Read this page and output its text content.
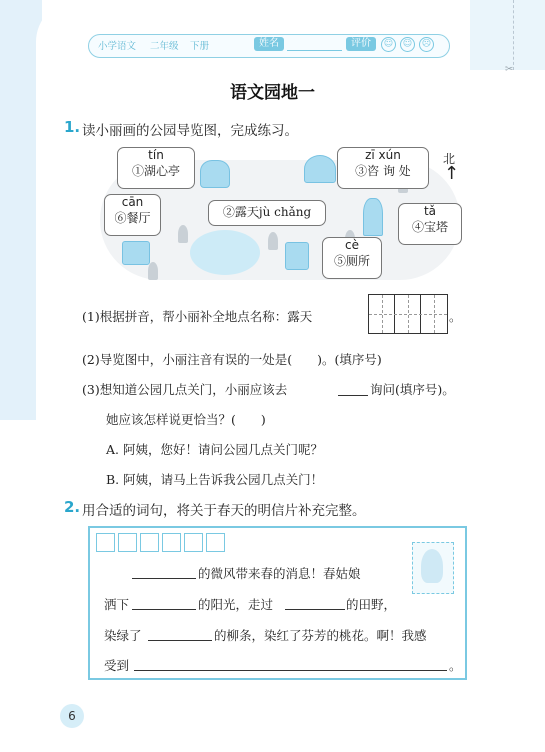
✂
小学语文 二年级 下册	姓名	评价	☺	☺	☹
语文园地一
1. 读小丽画的公园导览图，完成练习。
tín
①湖心亭
zī xún
③咨 询 处
cān
⑥餐厅	②露天jù chǎng	tǎ
④宝塔
cè
⑤厕所
北
↑
(1)根据拼音，帮小丽补全地点名称：露天	。
(2)导览图中，小丽注音有误的一处是(　　)。(填序号)
(3)想知道公园几点关门，小丽应该去	询问(填序号)。
她应该怎样说更恰当？(　　)
A. 阿姨，您好！请问公园几点关门呢？
B. 阿姨，请马上告诉我公园几点关门！
2. 用合适的词句，将关于春天的明信片补充完整。
的微风带来春的消息！春姑娘
洒下	的阳光，走过	的田野，
染绿了	的柳条，染红了芬芳的桃花。啊！我感
受到	。
6
